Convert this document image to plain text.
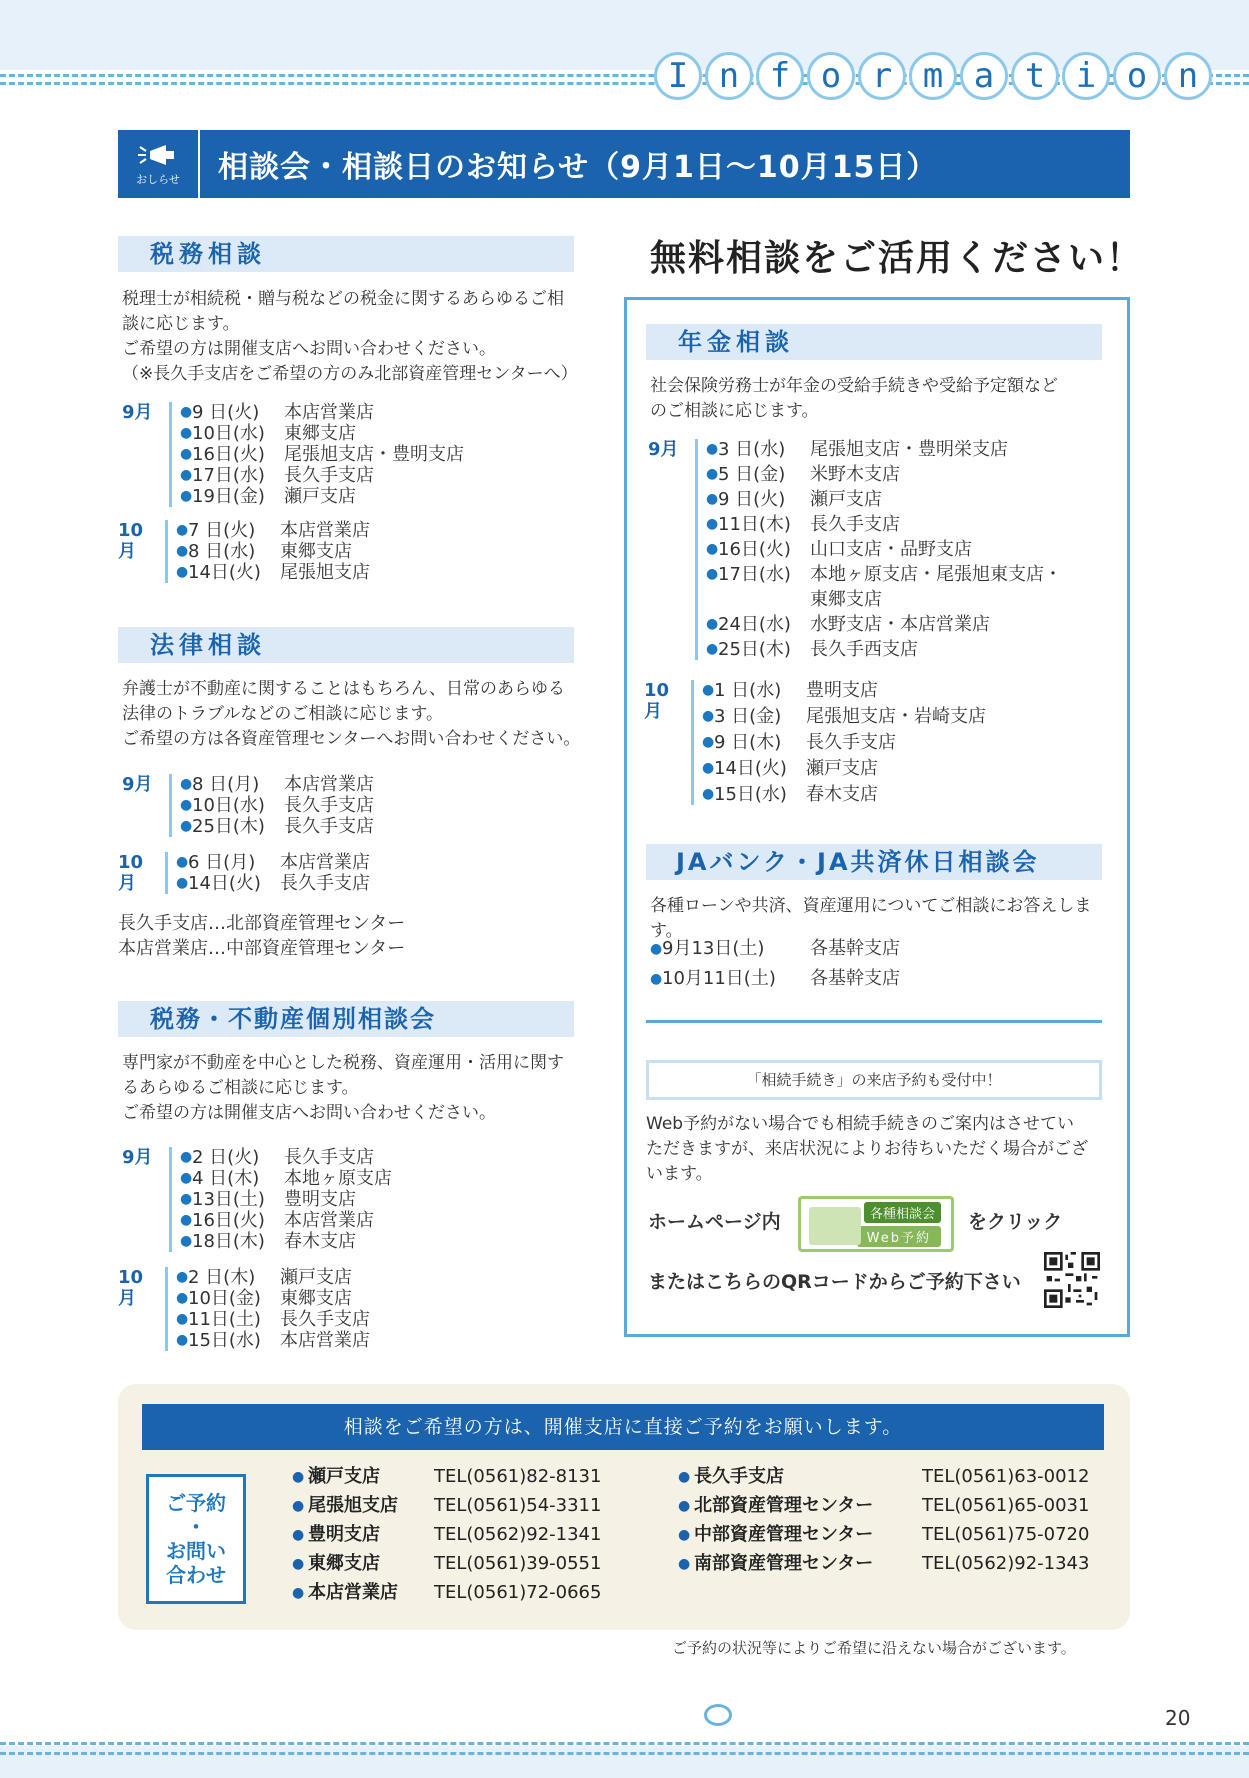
I n f o r m a t i o n
おしらせ 相談会・相談日のお知らせ（9月1日〜10月15日）
税務相談
税理士が相続税・贈与税などの税金に関するあらゆるご相
談に応じます。
ご希望の方は開催支店へお問い合わせください。
（※長久手支店をご希望の方のみ北部資産管理センターへ）
9月	● 9 日(火)	本店営業店
● 10日(水)	東郷支店
● 16日(火)	尾張旭支店・豊明支店
● 17日(水)	長久手支店
● 19日(金)	瀬戸支店
10月
● 7 日(火)	本店営業店
● 8 日(水)	東郷支店
● 14日(火)	尾張旭支店
法律相談
弁護士が不動産に関することはもちろん、日常のあらゆる
法律のトラブルなどのご相談に応じます。
ご希望の方は各資産管理センターへお問い合わせください。
9月	● 8 日(月)	本店営業店
● 10日(水)	長久手支店
● 25日(木)	長久手支店
10月
● 6 日(月)	本店営業店
● 14日(火)	長久手支店
長久手支店…北部資産管理センター
本店営業店…中部資産管理センター
税務・不動産個別相談会
専門家が不動産を中心とした税務、資産運用・活用に関す
るあらゆるご相談に応じます。
ご希望の方は開催支店へお問い合わせください。
9月	● 2 日(火)	長久手支店
● 4 日(木)	本地ヶ原支店
● 13日(土)	豊明支店
● 16日(火)	本店営業店
● 18日(木)	春木支店
10月
● 2 日(木)	瀬戸支店
● 10日(金)	東郷支店
● 11日(土)	長久手支店
● 15日(水)	本店営業店
無料相談をご活用ください！
年金相談
社会保険労務士が年金の受給手続きや受給予定額など
のご相談に応じます。
9月	● 3 日(水)	尾張旭支店・豊明栄支店
● 5 日(金)	米野木支店
● 9 日(火)	瀬戸支店
● 11日(木)	長久手支店
● 16日(火)	山口支店・品野支店
● 17日(水)	本地ヶ原支店・尾張旭東支店・
東郷支店
● 24日(水)	水野支店・本店営業店
● 25日(木)	長久手西支店
10月
● 1 日(水)	豊明支店
● 3 日(金)	尾張旭支店・岩崎支店
● 9 日(木)	長久手支店
● 14日(火)	瀬戸支店
● 15日(水)	春木支店
JAバンク・JA共済休日相談会
各種ローンや共済、資産運用についてご相談にお答えします。
● 9月13日(土)	各基幹支店
● 10月11日(土)	各基幹支店
「相続手続き」の来店予約も受付中！
Web予約がない場合でも相続手続きのご案内はさせてい
ただきますが、来店状況によりお待ちいただく場合がござ
います。
ホームページ内	各種相談会
Web予約
をクリック
またはこちらのQRコードからご予約下さい
相談をご希望の方は、開催支店に直接ご予約をお願いします。
ご予約
・
お問い
合わせ
● 瀬戸支店	TEL(0561)82-8131
● 尾張旭支店 TEL(0561)54-3311
● 豊明支店	TEL(0562)92-1341
● 東郷支店	TEL(0561)39-0551
● 本店営業店 TEL(0561)72-0665
● 長久手支店	TEL(0561)63-0012
● 北部資産管理センター	TEL(0561)65-0031
● 中部資産管理センター	TEL(0561)75-0720
● 南部資産管理センター	TEL(0562)92-1343
ご予約の状況等によりご希望に沿えない場合がございます。
20
